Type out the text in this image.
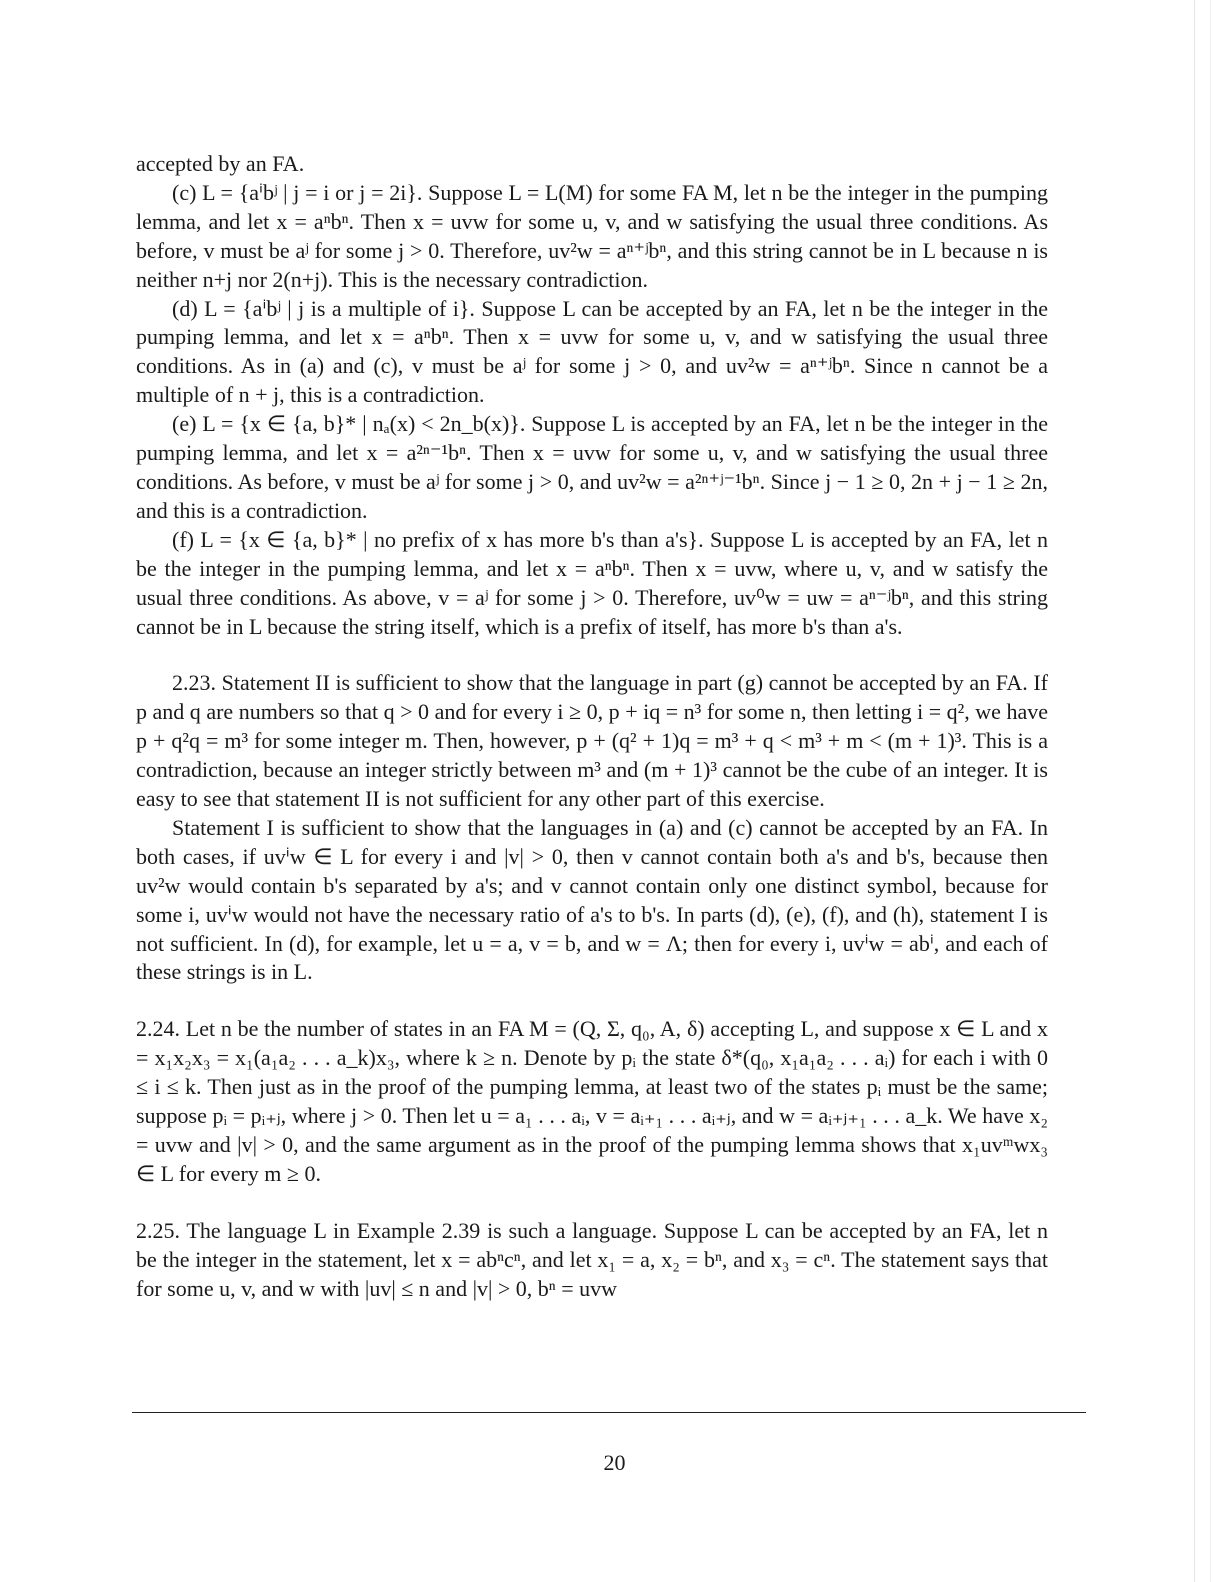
accepted by an FA.

(c) L = {aⁱbʲ | j = i or j = 2i}. Suppose L = L(M) for some FA M, let n be the integer in the pumping lemma, and let x = aⁿbⁿ. Then x = uvw for some u, v, and w satisfying the usual three conditions. As before, v must be aʲ for some j > 0. Therefore, uv²w = aⁿ⁺ʲbⁿ, and this string cannot be in L because n is neither n+j nor 2(n+j). This is the necessary contradiction.

(d) L = {aⁱbʲ | j is a multiple of i}. Suppose L can be accepted by an FA, let n be the integer in the pumping lemma, and let x = aⁿbⁿ. Then x = uvw for some u, v, and w satisfying the usual three conditions. As in (a) and (c), v must be aʲ for some j > 0, and uv²w = aⁿ⁺ʲbⁿ. Since n cannot be a multiple of n + j, this is a contradiction.

(e) L = {x ∈ {a, b}* | nₐ(x) < 2n_b(x)}. Suppose L is accepted by an FA, let n be the integer in the pumping lemma, and let x = a²ⁿ⁻¹bⁿ. Then x = uvw for some u, v, and w satisfying the usual three conditions. As before, v must be aʲ for some j > 0, and uv²w = a²ⁿ⁺ʲ⁻¹bⁿ. Since j − 1 ≥ 0, 2n + j − 1 ≥ 2n, and this is a contradiction.

(f) L = {x ∈ {a, b}* | no prefix of x has more b's than a's}. Suppose L is accepted by an FA, let n be the integer in the pumping lemma, and let x = aⁿbⁿ. Then x = uvw, where u, v, and w satisfy the usual three conditions. As above, v = aʲ for some j > 0. Therefore, uv⁰w = uw = aⁿ⁻ʲbⁿ, and this string cannot be in L because the string itself, which is a prefix of itself, has more b's than a's.

2.23. Statement II is sufficient to show that the language in part (g) cannot be accepted by an FA. If p and q are numbers so that q > 0 and for every i ≥ 0, p + iq = n³ for some n, then letting i = q², we have p + q²q = m³ for some integer m. Then, however, p + (q² + 1)q = m³ + q < m³ + m < (m + 1)³. This is a contradiction, because an integer strictly between m³ and (m + 1)³ cannot be the cube of an integer. It is easy to see that statement II is not sufficient for any other part of this exercise.

Statement I is sufficient to show that the languages in (a) and (c) cannot be accepted by an FA. In both cases, if uvⁱw ∈ L for every i and |v| > 0, then v cannot contain both a's and b's, because then uv²w would contain b's separated by a's; and v cannot contain only one distinct symbol, because for some i, uvⁱw would not have the necessary ratio of a's to b's. In parts (d), (e), (f), and (h), statement I is not sufficient. In (d), for example, let u = a, v = b, and w = Λ; then for every i, uvⁱw = abⁱ, and each of these strings is in L.

2.24. Let n be the number of states in an FA M = (Q, Σ, q₀, A, δ) accepting L, and suppose x ∈ L and x = x₁x₂x₃ = x₁(a₁a₂ . . . a_k)x₃, where k ≥ n. Denote by pᵢ the state δ*(q₀, x₁a₁a₂ . . . aᵢ) for each i with 0 ≤ i ≤ k. Then just as in the proof of the pumping lemma, at least two of the states pᵢ must be the same; suppose pᵢ = pᵢ₊ⱼ, where j > 0. Then let u = a₁ . . . aᵢ, v = aᵢ₊₁ . . . aᵢ₊ⱼ, and w = aᵢ₊ⱼ₊₁ . . . a_k. We have x₂ = uvw and |v| > 0, and the same argument as in the proof of the pumping lemma shows that x₁uvᵐwx₃ ∈ L for every m ≥ 0.

2.25. The language L in Example 2.39 is such a language. Suppose L can be accepted by an FA, let n be the integer in the statement, let x = abⁿcⁿ, and let x₁ = a, x₂ = bⁿ, and x₃ = cⁿ. The statement says that for some u, v, and w with |uv| ≤ n and |v| > 0, bⁿ = uvw

20
